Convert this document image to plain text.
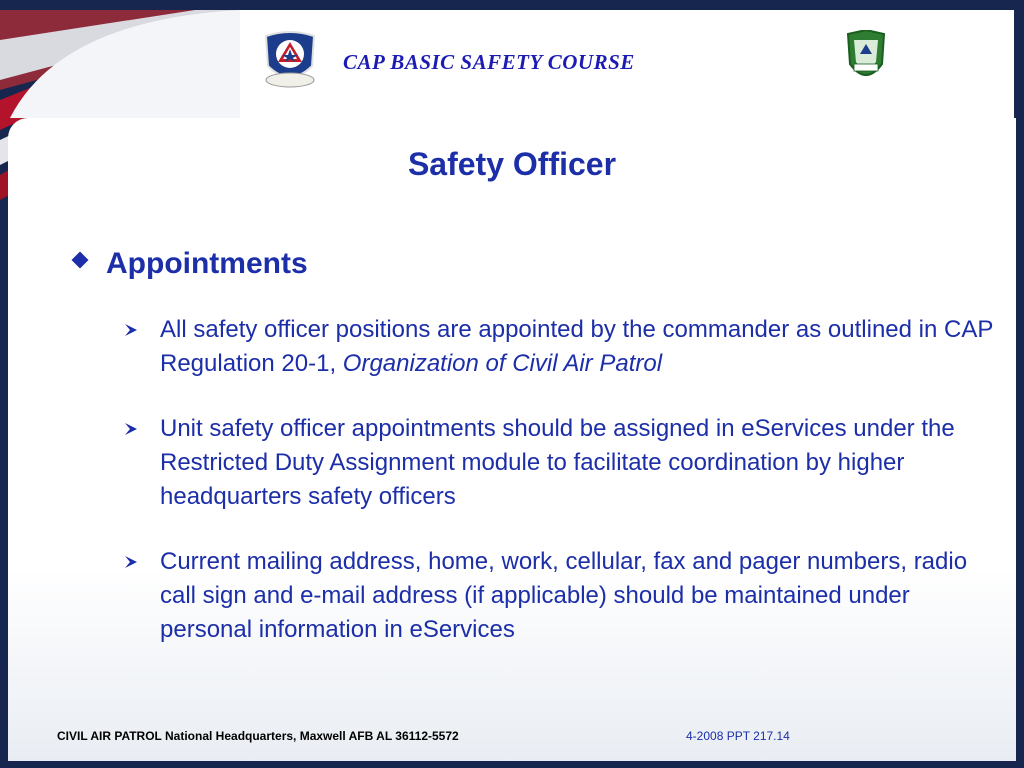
CAP BASIC SAFETY COURSE
Safety Officer
Appointments
All safety officer positions are appointed by the commander as outlined in CAP Regulation 20-1, Organization of Civil Air Patrol
Unit safety officer appointments should be assigned in eServices under the Restricted Duty Assignment module to facilitate coordination by higher headquarters safety officers
Current mailing address, home, work, cellular, fax and pager numbers, radio call sign and e-mail address (if applicable) should be maintained under personal information in eServices
CIVIL AIR PATROL National Headquarters, Maxwell AFB AL 36112-5572	4-2008 PPT 217.14
